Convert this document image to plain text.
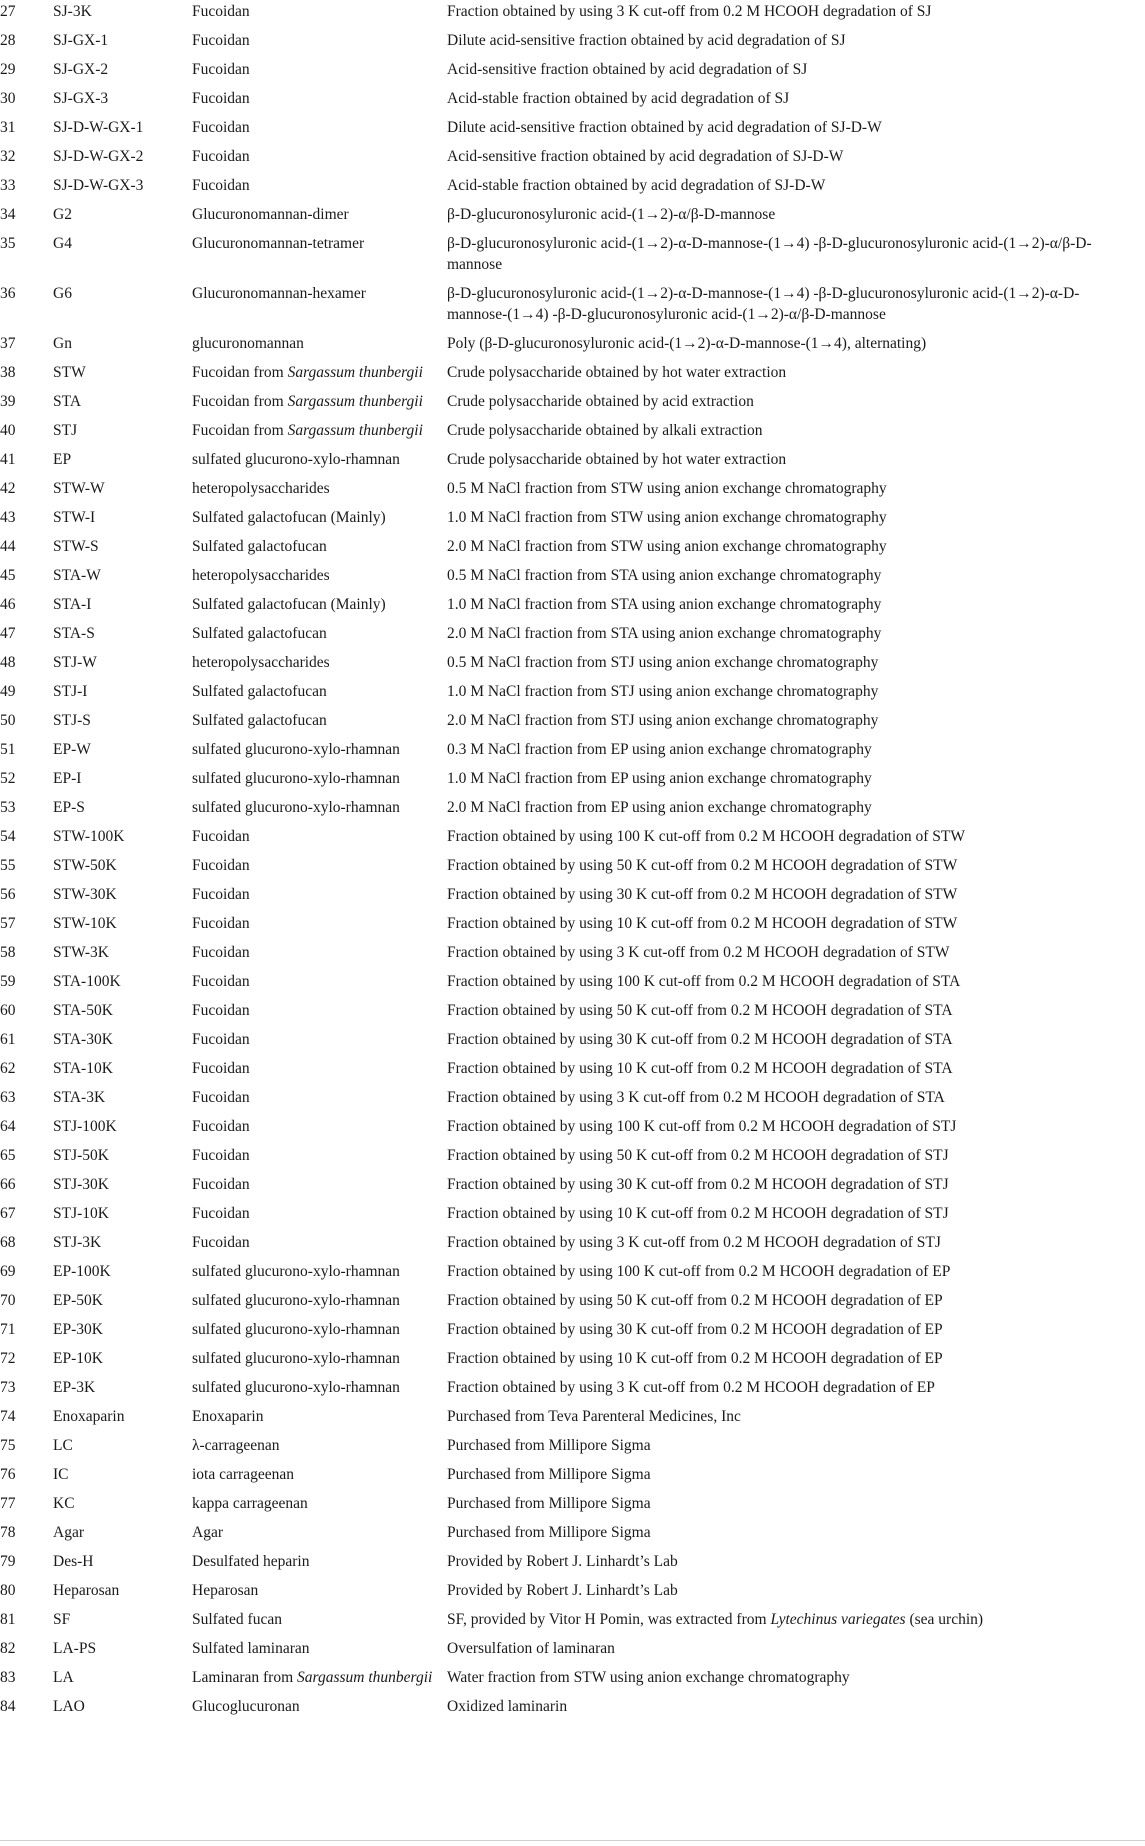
27	SJ-3K	Fucoidan	Fraction obtained by using 3 K cut-off from 0.2 M HCOOH degradation of SJ
28	SJ-GX-1	Fucoidan	Dilute acid-sensitive fraction obtained by acid degradation of SJ
29	SJ-GX-2	Fucoidan	Acid-sensitive fraction obtained by acid degradation of SJ
30	SJ-GX-3	Fucoidan	Acid-stable fraction obtained by acid degradation of SJ
31	SJ-D-W-GX-1	Fucoidan	Dilute acid-sensitive fraction obtained by acid degradation of SJ-D-W
32	SJ-D-W-GX-2	Fucoidan	Acid-sensitive fraction obtained by acid degradation of SJ-D-W
33	SJ-D-W-GX-3	Fucoidan	Acid-stable fraction obtained by acid degradation of SJ-D-W
34	G2	Glucuronomannan-dimer	β-D-glucuronosyluronic acid-(1→2)-α/β-D-mannose
35	G4	Glucuronomannan-tetramer	β-D-glucuronosyluronic acid-(1→2)-α-D-mannose-(1→4) -β-D-glucuronosyluronic acid-(1→2)-α/β-D-mannose
36	G6	Glucuronomannan-hexamer	β-D-glucuronosyluronic acid-(1→2)-α-D-mannose-(1→4) -β-D-glucuronosyluronic acid-(1→2)-α-D-mannose-(1→4) -β-D-glucuronosyluronic acid-(1→2)-α/β-D-mannose
37	Gn	glucuronomannan	Poly (β-D-glucuronosyluronic acid-(1→2)-α-D-mannose-(1→4), alternating)
38	STW	Fucoidan from Sargassum thunbergii	Crude polysaccharide obtained by hot water extraction
39	STA	Fucoidan from Sargassum thunbergii	Crude polysaccharide obtained by acid extraction
40	STJ	Fucoidan from Sargassum thunbergii	Crude polysaccharide obtained by alkali extraction
41	EP	sulfated glucurono-xylo-rhamnan	Crude polysaccharide obtained by hot water extraction
42	STW-W	heteropolysaccharides	0.5 M NaCl fraction from STW using anion exchange chromatography
43	STW-I	Sulfated galactofucan (Mainly)	1.0 M NaCl fraction from STW using anion exchange chromatography
44	STW-S	Sulfated galactofucan	2.0 M NaCl fraction from STW using anion exchange chromatography
45	STA-W	heteropolysaccharides	0.5 M NaCl fraction from STA using anion exchange chromatography
46	STA-I	Sulfated galactofucan (Mainly)	1.0 M NaCl fraction from STA using anion exchange chromatography
47	STA-S	Sulfated galactofucan	2.0 M NaCl fraction from STA using anion exchange chromatography
48	STJ-W	heteropolysaccharides	0.5 M NaCl fraction from STJ using anion exchange chromatography
49	STJ-I	Sulfated galactofucan	1.0 M NaCl fraction from STJ using anion exchange chromatography
50	STJ-S	Sulfated galactofucan	2.0 M NaCl fraction from STJ using anion exchange chromatography
51	EP-W	sulfated glucurono-xylo-rhamnan	0.3 M NaCl fraction from EP using anion exchange chromatography
52	EP-I	sulfated glucurono-xylo-rhamnan	1.0 M NaCl fraction from EP using anion exchange chromatography
53	EP-S	sulfated glucurono-xylo-rhamnan	2.0 M NaCl fraction from EP using anion exchange chromatography
54	STW-100K	Fucoidan	Fraction obtained by using 100 K cut-off from 0.2 M HCOOH degradation of STW
55	STW-50K	Fucoidan	Fraction obtained by using 50 K cut-off from 0.2 M HCOOH degradation of STW
56	STW-30K	Fucoidan	Fraction obtained by using 30 K cut-off from 0.2 M HCOOH degradation of STW
57	STW-10K	Fucoidan	Fraction obtained by using 10 K cut-off from 0.2 M HCOOH degradation of STW
58	STW-3K	Fucoidan	Fraction obtained by using 3 K cut-off from 0.2 M HCOOH degradation of STW
59	STA-100K	Fucoidan	Fraction obtained by using 100 K cut-off from 0.2 M HCOOH degradation of STA
60	STA-50K	Fucoidan	Fraction obtained by using 50 K cut-off from 0.2 M HCOOH degradation of STA
61	STA-30K	Fucoidan	Fraction obtained by using 30 K cut-off from 0.2 M HCOOH degradation of STA
62	STA-10K	Fucoidan	Fraction obtained by using 10 K cut-off from 0.2 M HCOOH degradation of STA
63	STA-3K	Fucoidan	Fraction obtained by using 3 K cut-off from 0.2 M HCOOH degradation of STA
64	STJ-100K	Fucoidan	Fraction obtained by using 100 K cut-off from 0.2 M HCOOH degradation of STJ
65	STJ-50K	Fucoidan	Fraction obtained by using 50 K cut-off from 0.2 M HCOOH degradation of STJ
66	STJ-30K	Fucoidan	Fraction obtained by using 30 K cut-off from 0.2 M HCOOH degradation of STJ
67	STJ-10K	Fucoidan	Fraction obtained by using 10 K cut-off from 0.2 M HCOOH degradation of STJ
68	STJ-3K	Fucoidan	Fraction obtained by using 3 K cut-off from 0.2 M HCOOH degradation of STJ
69	EP-100K	sulfated glucurono-xylo-rhamnan	Fraction obtained by using 100 K cut-off from 0.2 M HCOOH degradation of EP
70	EP-50K	sulfated glucurono-xylo-rhamnan	Fraction obtained by using 50 K cut-off from 0.2 M HCOOH degradation of EP
71	EP-30K	sulfated glucurono-xylo-rhamnan	Fraction obtained by using 30 K cut-off from 0.2 M HCOOH degradation of EP
72	EP-10K	sulfated glucurono-xylo-rhamnan	Fraction obtained by using 10 K cut-off from 0.2 M HCOOH degradation of EP
73	EP-3K	sulfated glucurono-xylo-rhamnan	Fraction obtained by using 3 K cut-off from 0.2 M HCOOH degradation of EP
74	Enoxaparin	Enoxaparin	Purchased from Teva Parenteral Medicines, Inc
75	LC	λ-carrageenan	Purchased from Millipore Sigma
76	IC	iota carrageenan	Purchased from Millipore Sigma
77	KC	kappa carrageenan	Purchased from Millipore Sigma
78	Agar	Agar	Purchased from Millipore Sigma
79	Des-H	Desulfated heparin	Provided by Robert J. Linhardt’s Lab
80	Heparosan	Heparosan	Provided by Robert J. Linhardt’s Lab
81	SF	Sulfated fucan	SF, provided by Vitor H Pomin, was extracted from Lytechinus variegates (sea urchin)
82	LA-PS	Sulfated laminaran	Oversulfation of laminaran
83	LA	Laminaran from Sargassum thunbergii	Water fraction from STW using anion exchange chromatography
84	LAO	Glucoglucuronan	Oxidized laminarin
